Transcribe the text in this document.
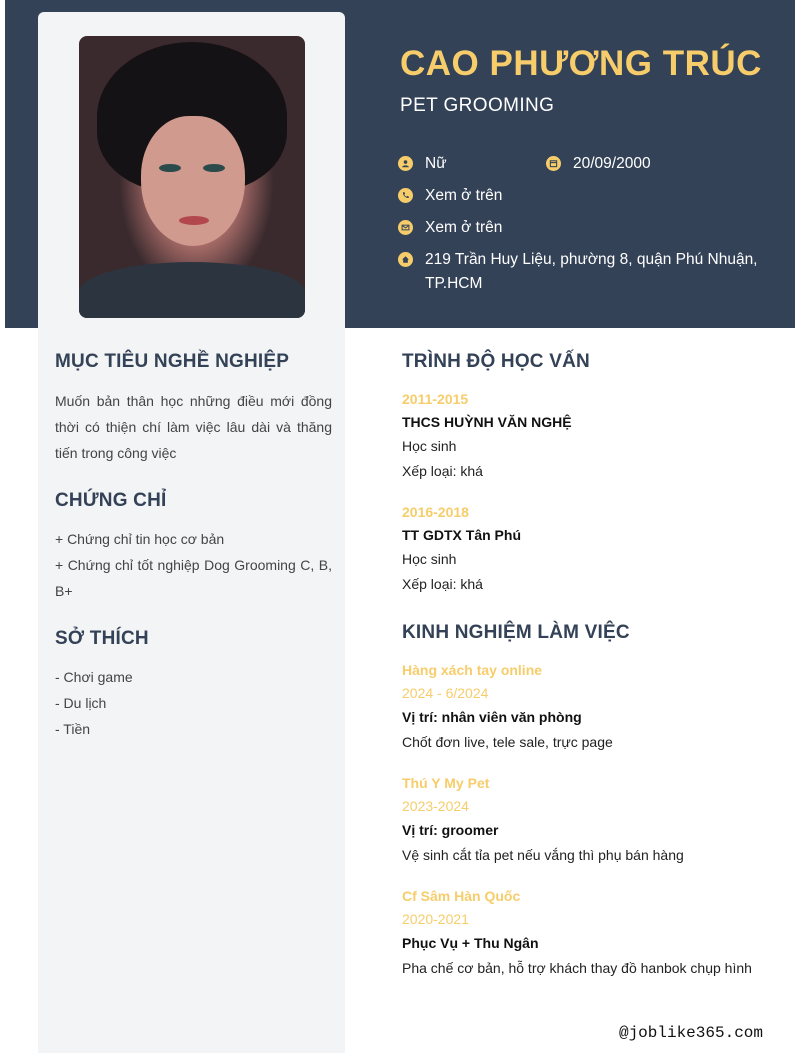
CAO PHƯƠNG TRÚC
PET GROOMING
Nữ	20/09/2000
Xem ở trên
Xem ở trên
219 Trần Huy Liệu, phường 8, quận Phú Nhuận, TP.HCM
MỤC TIÊU NGHỀ NGHIỆP
Muốn bản thân học những điều mới đồng thời có thiện chí làm việc lâu dài và thăng tiến trong công việc
CHỨNG CHỈ
+ Chứng chỉ tin học cơ bản
+ Chứng chỉ tốt nghiệp Dog Grooming C, B, B+
SỞ THÍCH
- Chơi game
- Du lịch
- Tiền
TRÌNH ĐỘ HỌC VẤN
2011-2015
THCS HUỲNH VĂN NGHỆ
Học sinh
Xếp loại: khá
2016-2018
TT GDTX Tân Phú
Học sinh
Xếp loại: khá
KINH NGHIỆM LÀM VIỆC
Hàng xách tay online
2024 - 6/2024
Vị trí: nhân viên văn phòng
Chốt đơn live, tele sale, trực page
Thú Y My Pet
2023-2024
Vị trí: groomer
Vệ sinh cắt tỉa pet nếu vắng thì phụ bán hàng
Cf Sâm Hàn Quốc
2020-2021
Phục Vụ + Thu Ngân
Pha chế cơ bản, hỗ trợ khách thay đồ hanbok chụp hình
@joblike365.com
